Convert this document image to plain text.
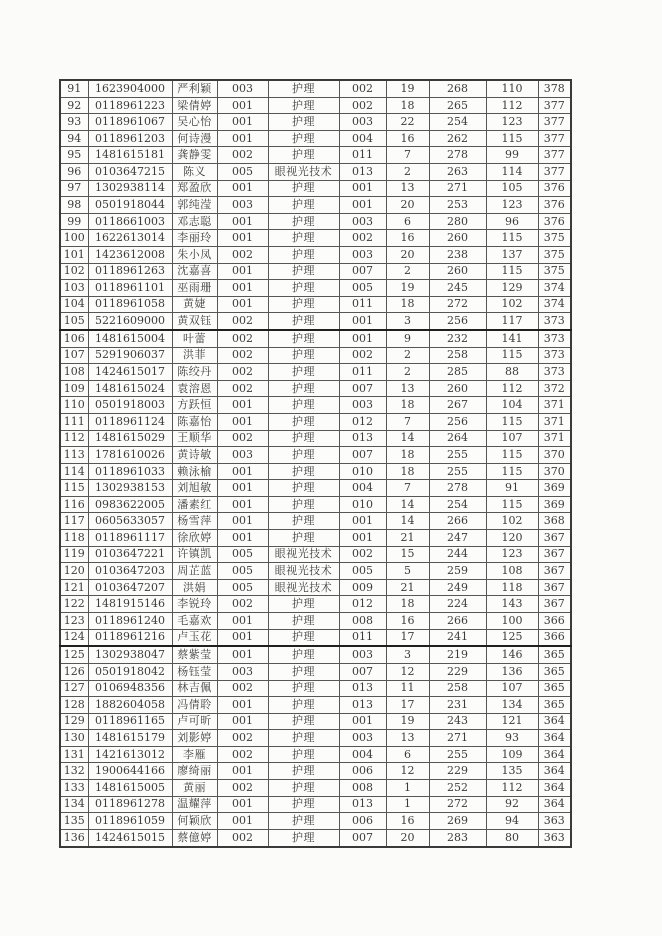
91	1623904000	严利颖	003	护理	002	19	268	110	378
92	0118961223	梁倩婷	001	护理	002	18	265	112	377
93	0118961067	吴心怡	001	护理	003	22	254	123	377
94	0118961203	何诗漫	001	护理	004	16	262	115	377
95	1481615181	龚静雯	002	护理	011	7	278	99	377
96	0103647215	陈义	005	眼视光技术	013	2	263	114	377
97	1302938114	郑盈欣	001	护理	001	13	271	105	376
98	0501918044	郭纯滢	003	护理	001	20	253	123	376
99	0118661003	邓志聪	001	护理	003	6	280	96	376
100	1622613014	李丽玲	001	护理	002	16	260	115	375
101	1423612008	朱小凤	002	护理	003	20	238	137	375
102	0118961263	沈嘉喜	001	护理	007	2	260	115	375
103	0118961101	巫雨珊	001	护理	005	19	245	129	374
104	0118961058	黄婕	001	护理	011	18	272	102	374
105	5221609000	黄双钰	002	护理	001	3	256	117	373
106	1481615004	叶蕾	002	护理	001	9	232	141	373
107	5291906037	洪菲	002	护理	002	2	258	115	373
108	1424615017	陈绞丹	002	护理	011	2	285	88	373
109	1481615024	袁溶恩	002	护理	007	13	260	112	372
110	0501918003	方跃恒	001	护理	003	18	267	104	371
111	0118961124	陈嘉怡	001	护理	012	7	256	115	371
112	1481615029	王顺华	002	护理	013	14	264	107	371
113	1781610026	黄诗敏	003	护理	007	18	255	115	370
114	0118961033	赖泳榆	001	护理	010	18	255	115	370
115	1302938153	刘旭敏	001	护理	004	7	278	91	369
116	0983622005	潘素红	001	护理	010	14	254	115	369
117	0605633057	杨雪萍	001	护理	001	14	266	102	368
118	0118961117	徐欣婷	001	护理	001	21	247	120	367
119	0103647221	许镇凯	005	眼视光技术	002	15	244	123	367
120	0103647203	周芷蓝	005	眼视光技术	005	5	259	108	367
121	0103647207	洪娟	005	眼视光技术	009	21	249	118	367
122	1481915146	李锐玲	002	护理	012	18	224	143	367
123	0118961240	毛嘉欢	001	护理	008	16	266	100	366
124	0118961216	卢玉花	001	护理	011	17	241	125	366
125	1302938047	蔡紫莹	001	护理	003	3	219	146	365
126	0501918042	杨钰莹	003	护理	007	12	229	136	365
127	0106948356	林吉佩	002	护理	013	11	258	107	365
128	1882604058	冯倩聆	001	护理	013	17	231	134	365
129	0118961165	卢可昕	001	护理	001	19	243	121	364
130	1481615179	刘影婷	002	护理	003	13	271	93	364
131	1421613012	李雁	002	护理	004	6	255	109	364
132	1900644166	廖绮丽	001	护理	006	12	229	135	364
133	1481615005	黄丽	002	护理	008	1	252	112	364
134	0118961278	温耀萍	001	护理	013	1	272	92	364
135	0118961059	何颖欣	001	护理	006	16	269	94	363
136	1424615015	蔡億婷	002	护理	007	20	283	80	363
